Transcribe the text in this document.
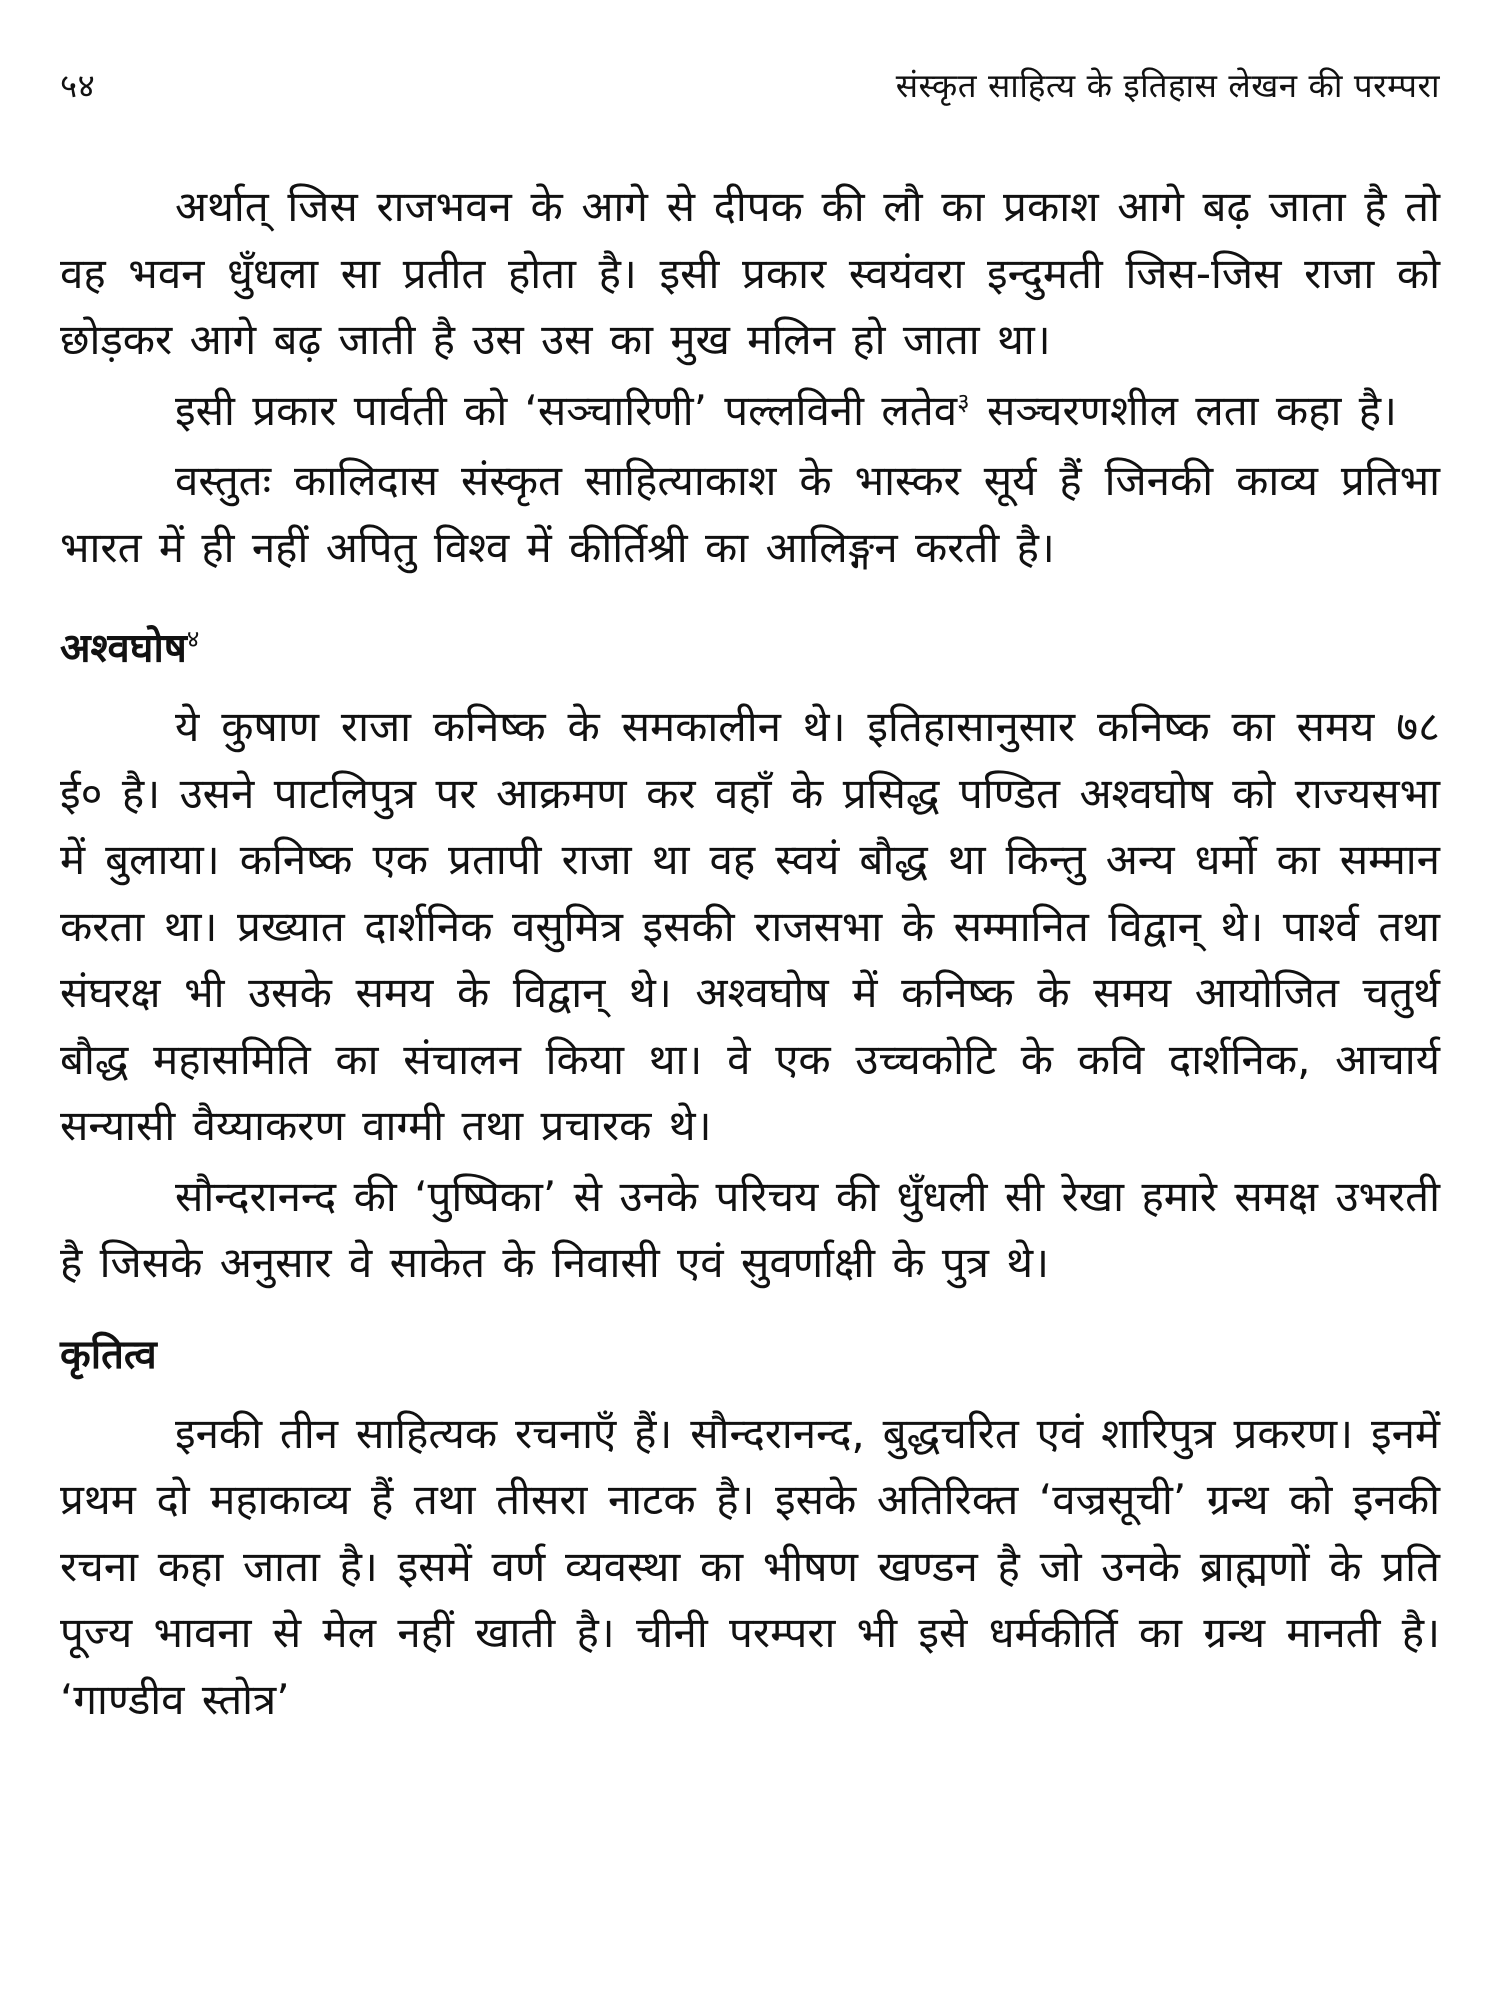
५४	संस्कृत साहित्य के इतिहास लेखन की परम्परा

अर्थात् जिस राजभवन के आगे से दीपक की लौ का प्रकाश आगे बढ़ जाता है तो वह भवन धुँधला सा प्रतीत होता है। इसी प्रकार स्वयंवरा इन्दुमती जिस-जिस राजा को छोड़कर आगे बढ़ जाती है उस उस का मुख मलिन हो जाता था।

इसी प्रकार पार्वती को ‘सञ्चारिणी’ पल्लविनी लतेव$^३$ सञ्चरणशील लता कहा है।

वस्तुतः कालिदास संस्कृत साहित्याकाश के भास्कर सूर्य हैं जिनकी काव्य प्रतिभा भारत में ही नहीं अपितु विश्व में कीर्तिश्री का आलिङ्गन करती है।

अश्वघोष$^४$

ये कुषाण राजा कनिष्क के समकालीन थे। इतिहासानुसार कनिष्क का समय ७८ ई० है। उसने पाटलिपुत्र पर आक्रमण कर वहाँ के प्रसिद्ध पण्डित अश्वघोष को राज्यसभा में बुलाया। कनिष्क एक प्रतापी राजा था वह स्वयं बौद्ध था किन्तु अन्य धर्मो का सम्मान करता था। प्रख्यात दार्शनिक वसुमित्र इसकी राजसभा के सम्मानित विद्वान् थे। पार्श्व तथा संघरक्ष भी उसके समय के विद्वान् थे। अश्वघोष में कनिष्क के समय आयोजित चतुर्थ बौद्ध महासमिति का संचालन किया था। वे एक उच्चकोटि के कवि दार्शनिक, आचार्य सन्यासी वैय्याकरण वाग्मी तथा प्रचारक थे।

सौन्दरानन्द की ‘पुष्पिका’ से उनके परिचय की धुँधली सी रेखा हमारे समक्ष उभरती है जिसके अनुसार वे साकेत के निवासी एवं सुवर्णाक्षी के पुत्र थे।

कृतित्व

इनकी तीन साहित्यक रचनाएँ हैं। सौन्दरानन्द, बुद्धचरित एवं शारिपुत्र प्रकरण। इनमें प्रथम दो महाकाव्य हैं तथा तीसरा नाटक है। इसके अतिरिक्त ‘वज्रसूची’ ग्रन्थ को इनकी रचना कहा जाता है। इसमें वर्ण व्यवस्था का भीषण खण्डन है जो उनके ब्राह्मणों के प्रति पूज्य भावना से मेल नहीं खाती है। चीनी परम्परा भी इसे धर्मकीर्ति का ग्रन्थ मानती है। ‘गाण्डीव स्तोत्र’
